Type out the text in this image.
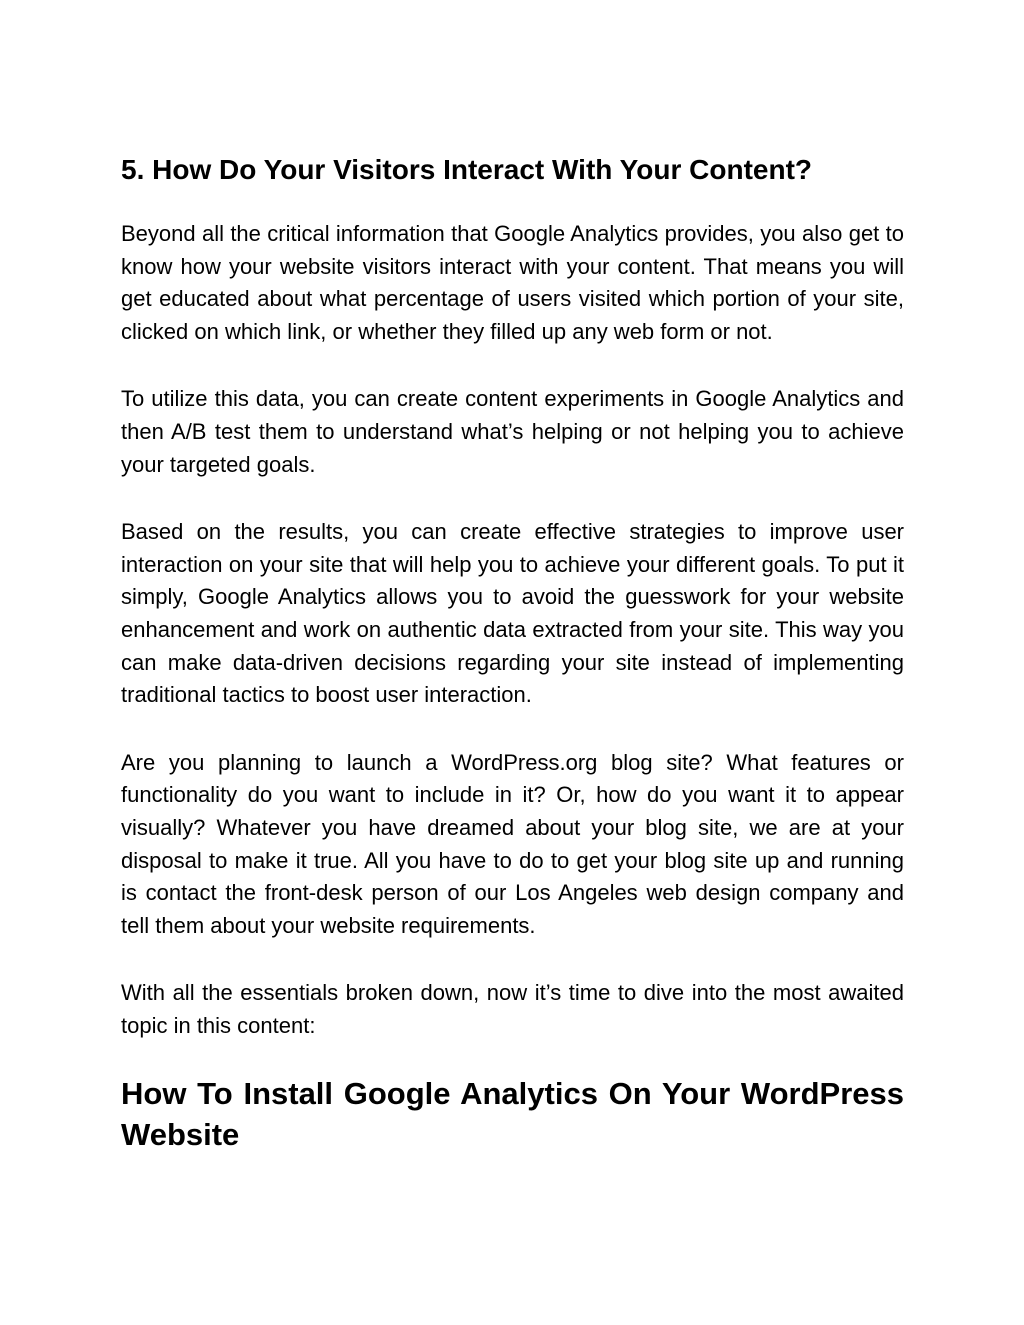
5. How Do Your Visitors Interact With Your Content?

Beyond all the critical information that Google Analytics provides, you also get to know how your website visitors interact with your content. That means you will get educated about what percentage of users visited which portion of your site, clicked on which link, or whether they filled up any web form or not.

To utilize this data, you can create content experiments in Google Analytics and then A/B test them to understand what’s helping or not helping you to achieve your targeted goals.

Based on the results, you can create effective strategies to improve user interaction on your site that will help you to achieve your different goals. To put it simply, Google Analytics allows you to avoid the guesswork for your website enhancement and work on authentic data extracted from your site. This way you can make data-driven decisions regarding your site instead of implementing traditional tactics to boost user interaction.

Are you planning to launch a WordPress.org blog site? What features or functionality do you want to include in it? Or, how do you want it to appear visually? Whatever you have dreamed about your blog site, we are at your disposal to make it true. All you have to do to get your blog site up and running is contact the front-desk person of our Los Angeles web design company and tell them about your website requirements.

With all the essentials broken down, now it’s time to dive into the most awaited topic in this content:

How To Install Google Analytics On Your WordPress Website
